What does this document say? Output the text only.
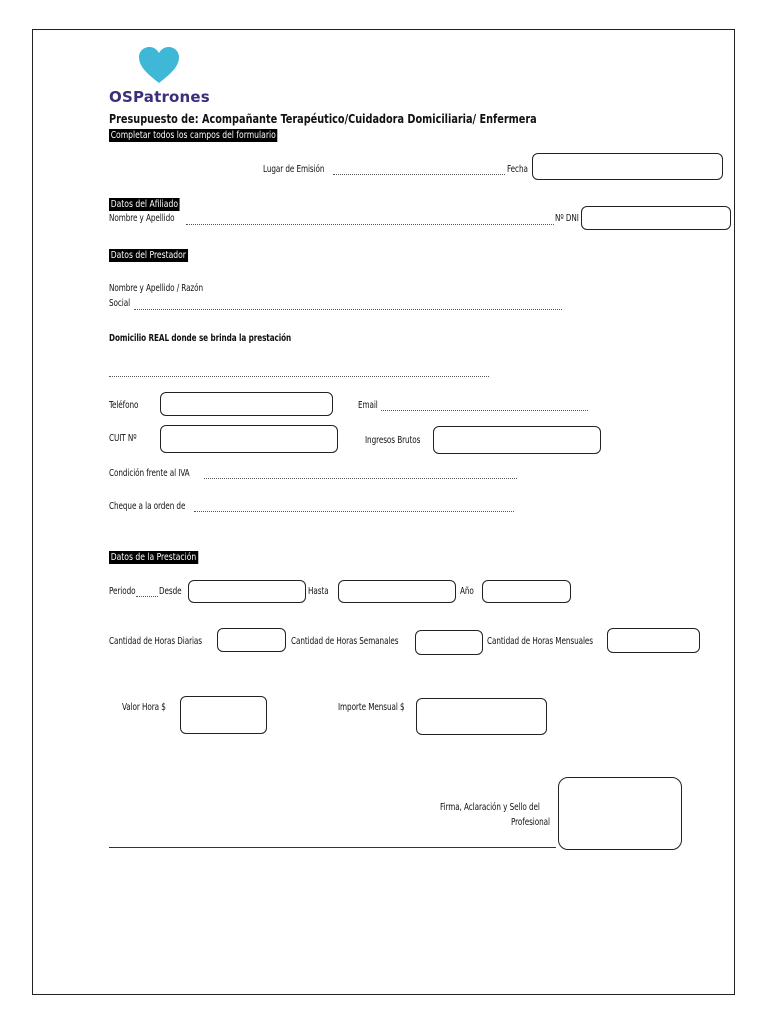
OSPatrones
Presupuesto de: Acompañante Terapéutico/Cuidadora Domiciliaria/ Enfermera
Completar todos los campos del formulario
Lugar de Emisión	Fecha
Datos del Afiliado
Nombre y Apellido	Nº DNI
Datos del Prestador
Nombre y Apellido / Razón
Social
Domicilio REAL donde se brinda la prestación
Teléfono	Email
CUIT Nº	Ingresos Brutos
Condición frente al IVA
Cheque a la orden de
Datos de la Prestación
Periodo Desde	Hasta	Año
Cantidad de Horas Diarias	Cantidad de Horas Semanales	Cantidad de Horas Mensuales
Valor Hora $	Importe Mensual $
Firma, Aclaración y Sello del
Profesional
